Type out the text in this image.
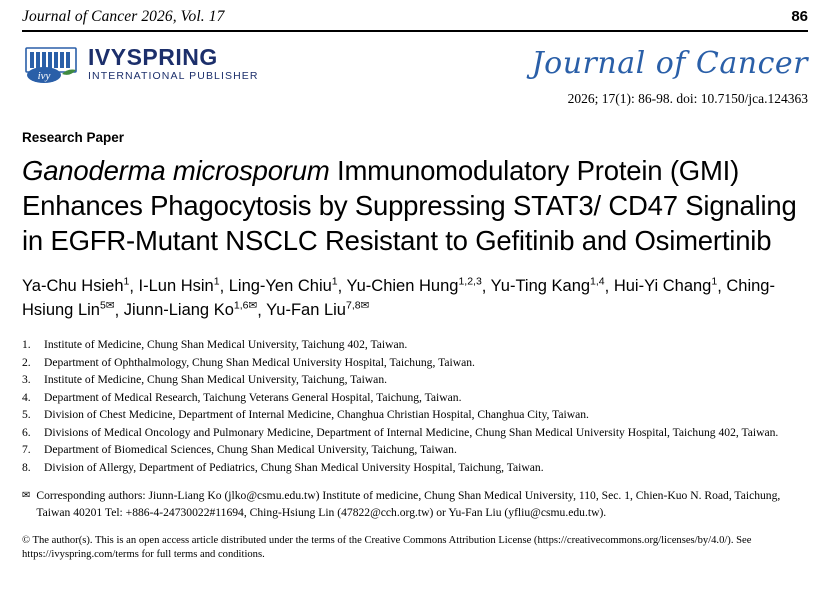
Journal of Cancer 2026, Vol. 17	86
ivy
IVYSPRING
INTERNATIONAL PUBLISHER	Journal of Cancer
2026; 17(1): 86-98. doi: 10.7150/jca.124363
Research Paper
Ganoderma microsporum Immunomodulatory Protein (GMI) Enhances Phagocytosis by Suppressing STAT3/ CD47 Signaling in EGFR-Mutant NSCLC Resistant to Gefitinib and Osimertinib
Ya-Chu Hsieh$^1$, I-Lun Hsin$^1$, Ling-Yen Chiu$^1$, Yu-Chien Hung$^{1,2,3}$, Yu-Ting Kang$^{1,4}$, Hui-Yi Chang$^1$, Ching-Hsiung Lin$^{5✉}$, Jiunn-Liang $Ko^{1,6✉}$, Yu-Fan Liu$^{7,8✉}$
1.	Institute of Medicine, Chung Shan Medical University, Taichung 402, Taiwan.
2.	Department of Ophthalmology, Chung Shan Medical University Hospital, Taichung, Taiwan.
3.	Institute of Medicine, Chung Shan Medical University, Taichung, Taiwan.
4.	Department of Medical Research, Taichung Veterans General Hospital, Taichung, Taiwan.
5.	Division of Chest Medicine, Department of Internal Medicine, Changhua Christian Hospital, Changhua City, Taiwan.
6.	Divisions of Medical Oncology and Pulmonary Medicine, Department of Internal Medicine, Chung Shan Medical University Hospital, Taichung 402, Taiwan.
7.	Department of Biomedical Sciences, Chung Shan Medical University, Taichung, Taiwan.
8.	Division of Allergy, Department of Pediatrics, Chung Shan Medical University Hospital, Taichung, Taiwan.
✉ Corresponding authors: Jiunn-Liang Ko (jlko@csmu.edu.tw) Institute of medicine, Chung Shan Medical University, 110, Sec. 1, Chien-Kuo N. Road, Taichung, Taiwan 40201 Tel: +886-4-24730022#11694, Ching-Hsiung Lin (47822@cch.org.tw) or Yu-Fan Liu (yfliu@csmu.edu.tw).
© The author(s). This is an open access article distributed under the terms of the Creative Commons Attribution License (https://creativecommons.org/licenses/by/4.0/). See https://ivyspring.com/terms for full terms and conditions.
